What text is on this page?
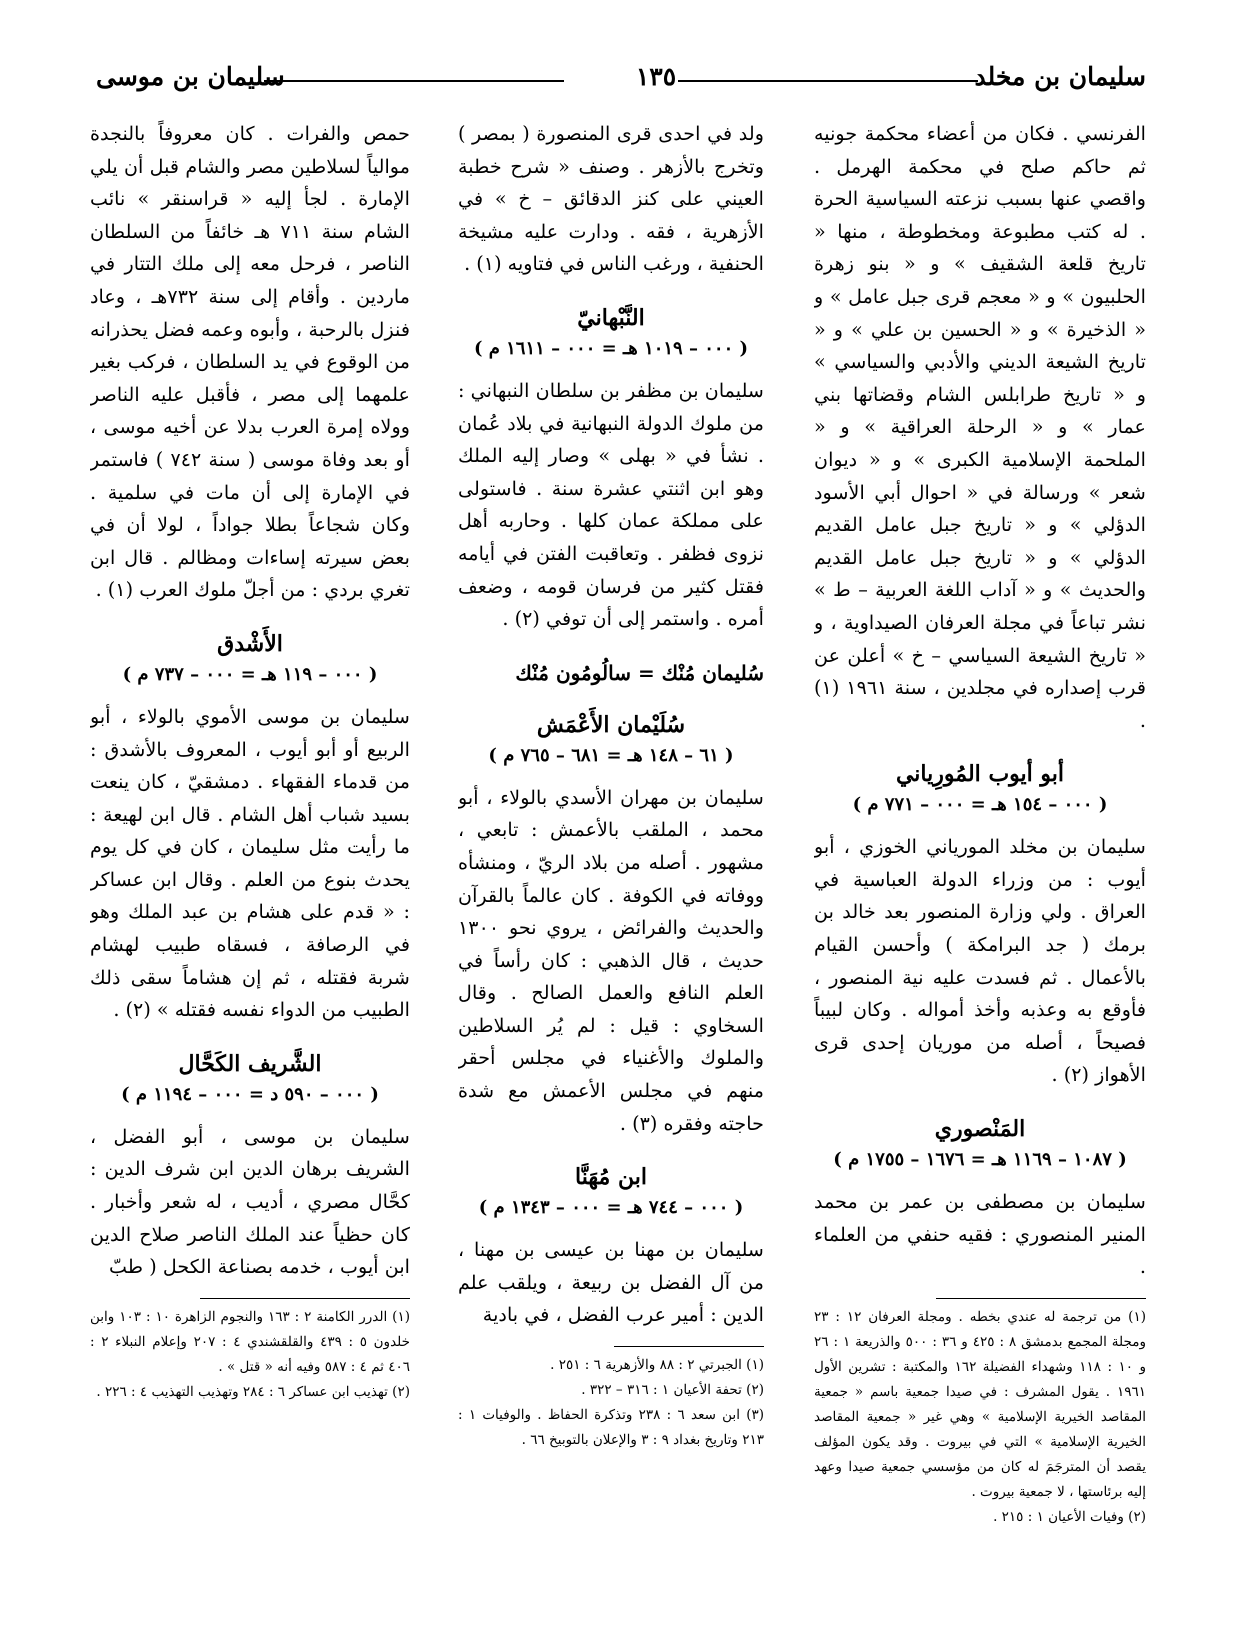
سليمان بن مخلد
١٣٥
سليمان بن موسى

الفرنسي . فكان من أعضاء محكمة جونيه ثم حاكم صلح في محكمة الهرمل . واقصي عنها بسبب نزعته السياسية الحرة . له كتب مطبوعة ومخطوطة ، منها « تاريخ قلعة الشقيف » و « بنو زهرة الحلبيون » و « معجم قرى جبل عامل » و « الذخيرة » و « الحسين بن علي » و « تاريخ الشيعة الديني والأدبي والسياسي » و « تاريخ طرابلس الشام وقضاتها بني عمار » و « الرحلة العراقية » و « الملحمة الإسلامية الكبرى » و « ديوان شعر » ورسالة في « احوال أبي الأسود الدؤلي » و « تاريخ جبل عامل القديم الدؤلي » و « تاريخ جبل عامل القديم والحديث » و « آداب اللغة العربية – ط » نشر تباعاً في مجلة العرفان الصيداوية ، و « تاريخ الشيعة السياسي – خ » أعلن عن قرب إصداره في مجلدين ، سنة ١٩٦١ (١) .

أبو أيوب المُورِياني
( ٠٠٠ – ١٥٤ هـ = ٠٠٠ – ٧٧١ م )

سليمان بن مخلد المورياني الخوزي ، أبو أيوب : من وزراء الدولة العباسية في العراق . ولي وزارة المنصور بعد خالد بن برمك ( جد البرامكة ) وأحسن القيام بالأعمال . ثم فسدت عليه نية المنصور ، فأوقع به وعذبه وأخذ أمواله . وكان لبيباً فصيحاً ، أصله من موريان إحدى قرى الأهواز (٢) .

المَنْصوري
( ١٠٨٧ – ١١٦٩ هـ = ١٦٧٦ – ١٧٥٥ م )

سليمان بن مصطفى بن عمر بن محمد المنير المنصوري : فقيه حنفي من العلماء .

(١) من ترجمة له عندي بخطه . ومجلة العرفان ١٢ : ٢٣ ومجلة المجمع بدمشق ٨ : ٤٢٥ و ٣٦ : ٥٠٠ والذريعة ١ : ٢٦ و ١٠ : ١١٨ وشهداء الفضيلة ١٦٢ والمكتبة : تشرين الأول ١٩٦١ . يقول المشرف : في صيدا جمعية باسم « جمعية المقاصد الخيرية الإسلامية » وهي غير « جمعية المقاصد الخيرية الإسلامية » التي في بيروت . وقد يكون المؤلف يقصد أن المترجَمَ له كان من مؤسسي جمعية صيدا وعهد إليه برئاستها ، لا جمعية بيروت .

(٢) وفيات الأعيان ١ : ٢١٥ .

ولد في احدى قرى المنصورة ( بمصر ) وتخرج بالأزهر . وصنف « شرح خطبة العيني على كنز الدقائق – خ » في الأزهرية ، فقه . ودارت عليه مشيخة الحنفية ، ورغب الناس في فتاويه (١) .

النَّبْهانيّ
( ٠٠٠ – ١٠١٩ هـ = ٠٠٠ – ١٦١١ م )

سليمان بن مظفر بن سلطان النبهاني : من ملوك الدولة النبهانية في بلاد عُمان . نشأ في « بهلى » وصار إليه الملك وهو ابن اثنتي عشرة سنة . فاستولى على مملكة عمان كلها . وحاربه أهل نزوى فظفر . وتعاقبت الفتن في أيامه فقتل كثير من فرسان قومه ، وضعف أمره . واستمر إلى أن توفي (٢) .

سُليمان مُنْك = سالُومُون مُنْك
سُلَيْمان الأَعْمَش
( ٦١ – ١٤٨ هـ = ٦٨١ – ٧٦٥ م )

سليمان بن مهران الأسدي بالولاء ، أبو محمد ، الملقب بالأعمش : تابعي ، مشهور . أصله من بلاد الريّ ، ومنشأه ووفاته في الكوفة . كان عالماً بالقرآن والحديث والفرائض ، يروي نحو ١٣٠٠ حديث ، قال الذهبي : كان رأساً في العلم النافع والعمل الصالح . وقال السخاوي : قيل : لم يُر السلاطين والملوك والأغنياء في مجلس أحقر منهم في مجلس الأعمش مع شدة حاجته وفقره (٣) .

ابن مُهَنَّا
( ٠٠٠ – ٧٤٤ هـ = ٠٠٠ – ١٣٤٣ م )

سليمان بن مهنا بن عيسى بن مهنا ، من آل الفضل بن ربيعة ، ويلقب علم الدين : أمير عرب الفضل ، في بادية

(١) الجبرتي ٢ : ٨٨ والأزهرية ٦ : ٢٥١ .

(٢) تحفة الأعيان ١ : ٣١٦ – ٣٢٢ .

(٣) ابن سعد ٦ : ٢٣٨ وتذكرة الحفاظ . والوفيات ١ : ٢١٣ وتاريخ بغداد ٩ : ٣ والإعلان بالتوبيخ ٦٦ .

حمص والفرات . كان معروفاً بالنجدة موالياً لسلاطين مصر والشام قبل أن يلي الإمارة . لجأ إليه « قراسنقر » نائب الشام سنة ٧١١ هـ خائفاً من السلطان الناصر ، فرحل معه إلى ملك التتار في ماردين . وأقام إلى سنة ٧٣٢هـ ، وعاد فنزل بالرحبة ، وأبوه وعمه فضل يحذرانه من الوقوع في يد السلطان ، فركب بغير علمهما إلى مصر ، فأقبل عليه الناصر وولاه إمرة العرب بدلا عن أخيه موسى ، أو بعد وفاة موسى ( سنة ٧٤٢ ) فاستمر في الإمارة إلى أن مات في سلمية . وكان شجاعاً بطلا جواداً ، لولا أن في بعض سيرته إساءات ومظالم . قال ابن تغري بردي : من أجلّ ملوك العرب (١) .

الأَشْدق
( ٠٠٠ – ١١٩ هـ = ٠٠٠ – ٧٣٧ م )

سليمان بن موسى الأموي بالولاء ، أبو الربيع أو أبو أيوب ، المعروف بالأشدق : من قدماء الفقهاء . دمشقيّ ، كان ينعت بسيد شباب أهل الشام . قال ابن لهيعة : ما رأيت مثل سليمان ، كان في كل يوم يحدث بنوع من العلم . وقال ابن عساكر : « قدم على هشام بن عبد الملك وهو في الرصافة ، فسقاه طبيب لهشام شربة فقتله ، ثم إن هشاماً سقى ذلك الطبيب من الدواء نفسه فقتله » (٢) .

الشَّريف الكَحَّال
( ٠٠٠ – ٥٩٠ د = ٠٠٠ – ١١٩٤ م )

سليمان بن موسى ، أبو الفضل ، الشريف برهان الدين ابن شرف الدين : كحَّال مصري ، أديب ، له شعر وأخبار . كان حظياً عند الملك الناصر صلاح الدين ابن أيوب ، خدمه بصناعة الكحل ( طبّ

(١) الدرر الكامنة ٢ : ١٦٣ والنجوم الزاهرة ١٠ : ١٠٣ وابن خلدون ٥ : ٤٣٩ والقلقشندي ٤ : ٢٠٧ وإعلام النبلاء ٢ : ٤٠٦ ثم ٤ : ٥٨٧ وفيه أنه « قتل » .

(٢) تهذيب ابن عساكر ٦ : ٢٨٤ وتهذيب التهذيب ٤ : ٢٢٦ .
